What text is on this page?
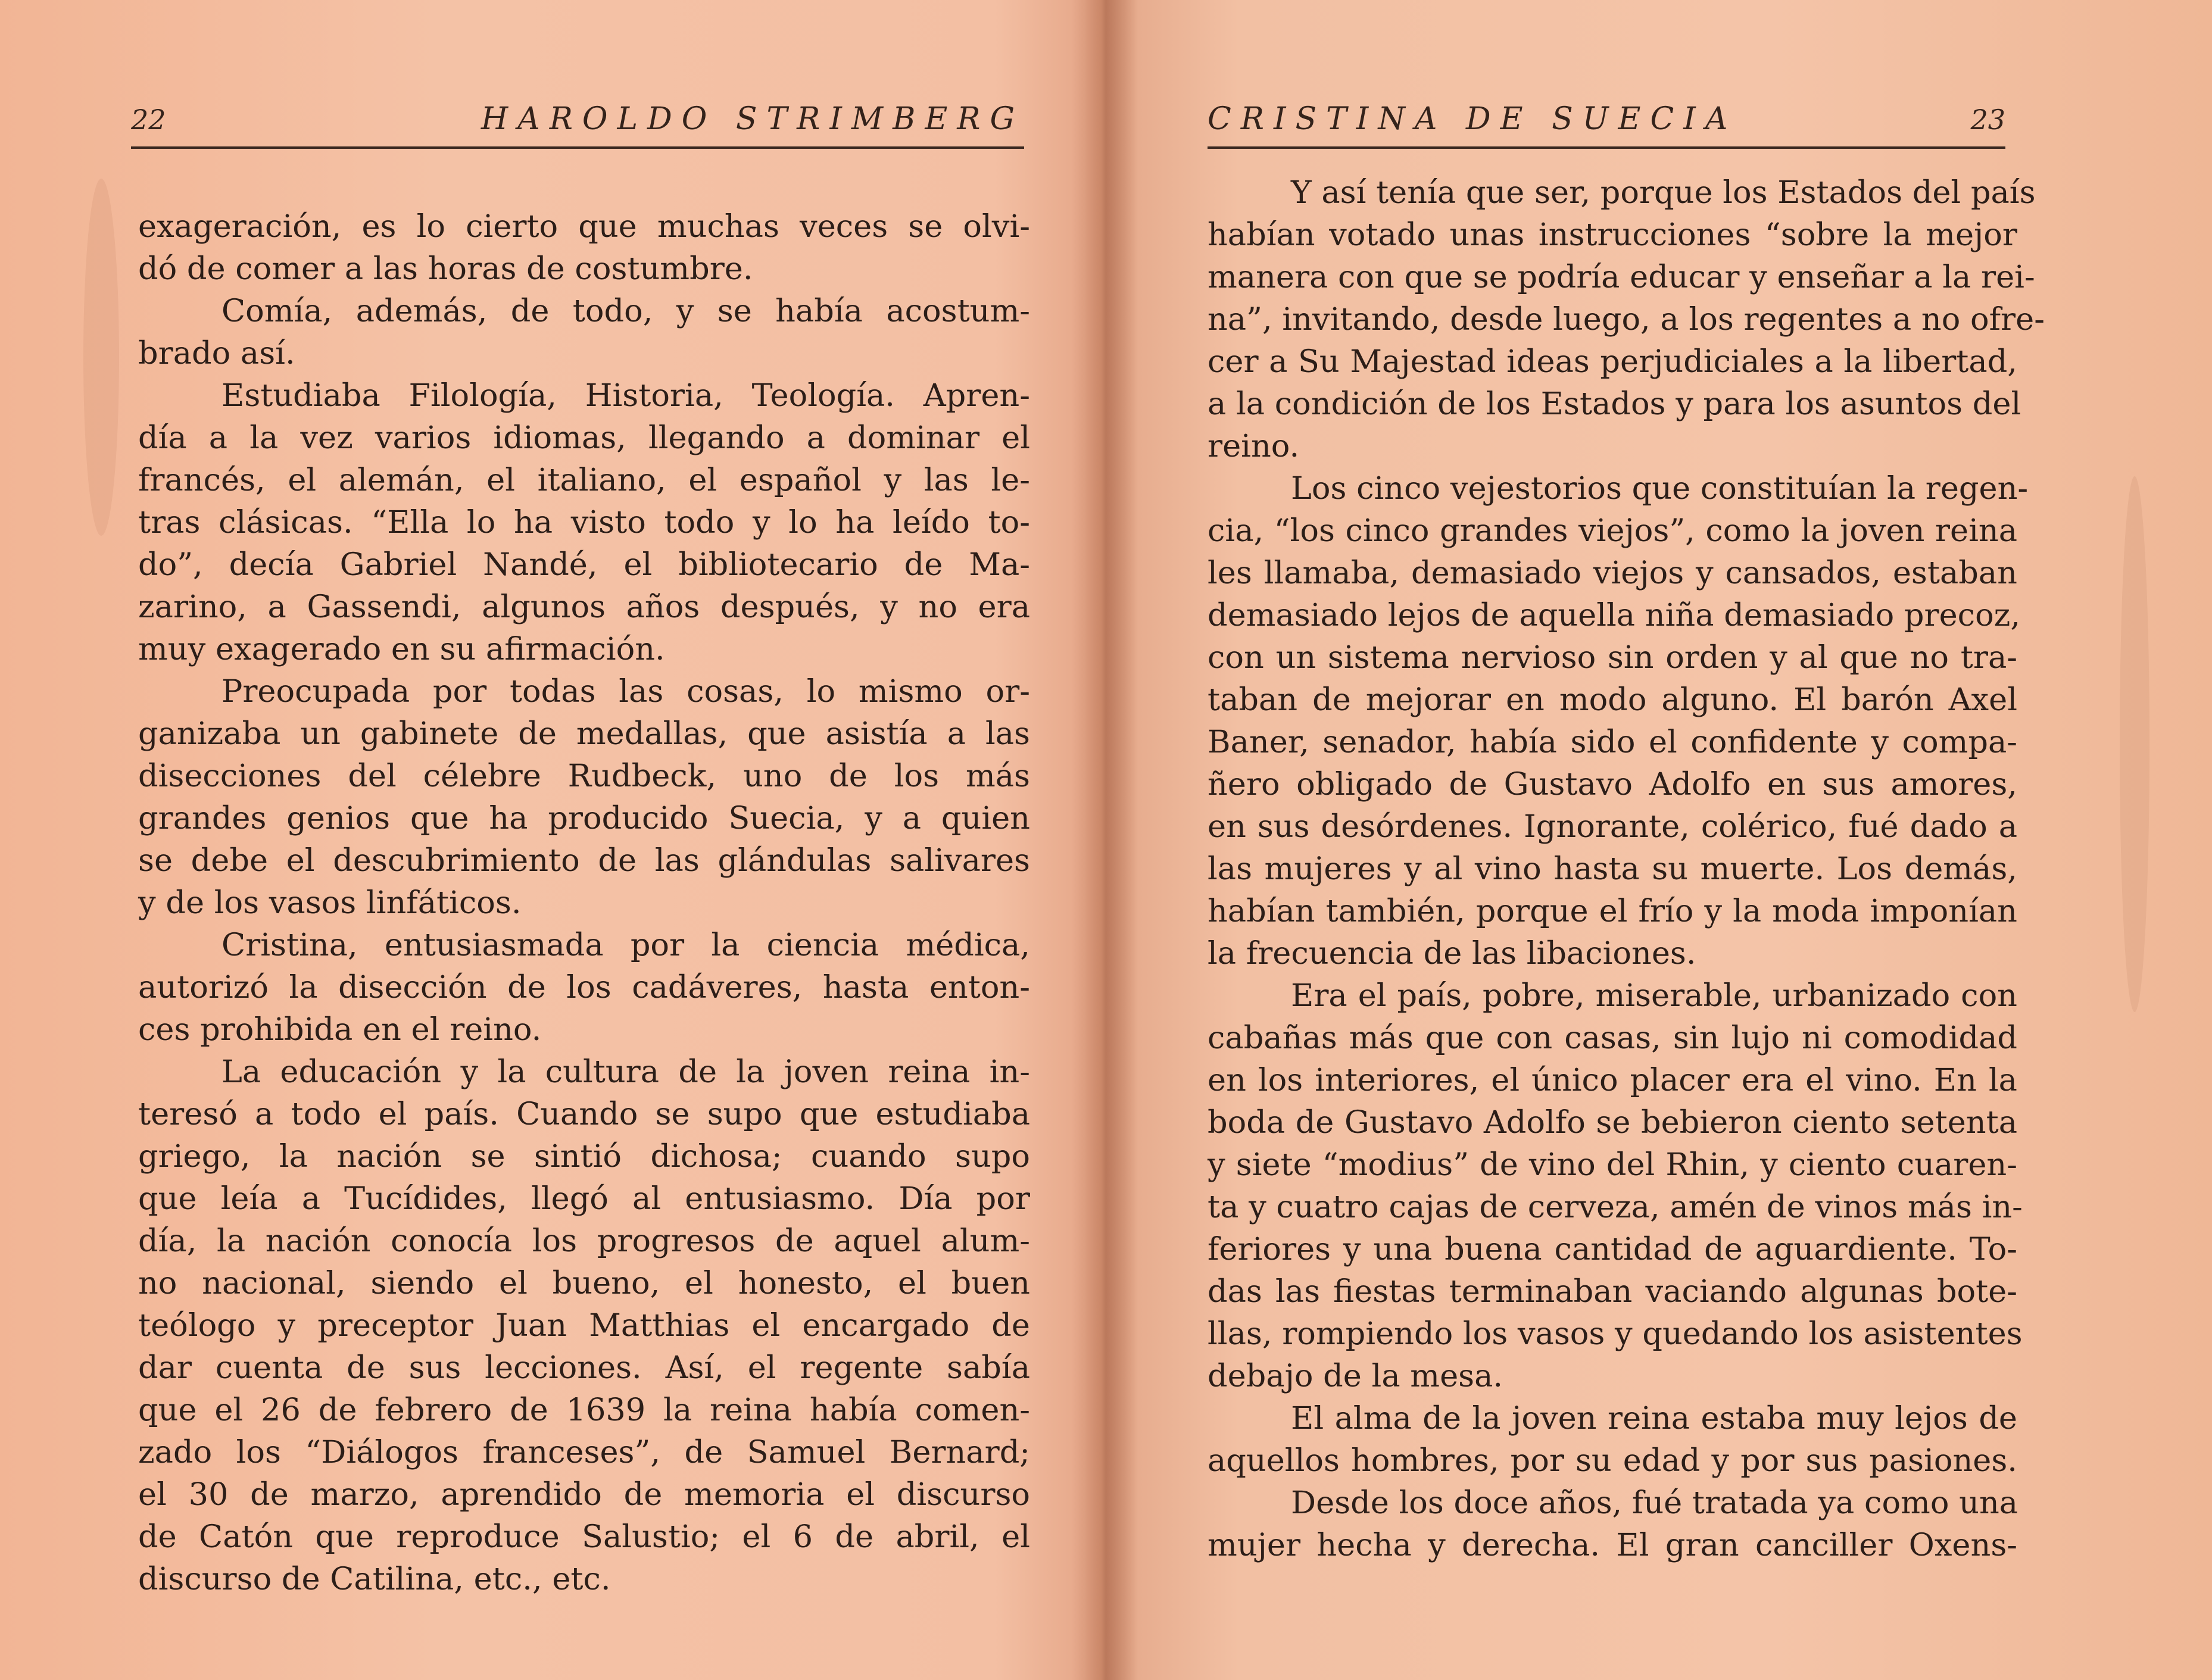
22	HAROLDO STRIMBERG
exageración, es lo cierto que muchas veces se olvi-
dó de comer a las horas de costumbre.
Comía, además, de todo, y se había acostum-
brado así.
Estudiaba Filología, Historia, Teología. Apren-
día a la vez varios idiomas, llegando a dominar el
francés, el alemán, el italiano, el español y las le-
tras clásicas. “Ella lo ha visto todo y lo ha leído to-
do”, decía Gabriel Nandé, el bibliotecario de Ma-
zarino, a Gassendi, algunos años después, y no era
muy exagerado en su afirmación.
Preocupada por todas las cosas, lo mismo or-
ganizaba un gabinete de medallas, que asistía a las
disecciones del célebre Rudbeck, uno de los más
grandes genios que ha producido Suecia, y a quien
se debe el descubrimiento de las glándulas salivares
y de los vasos linfáticos.
Cristina, entusiasmada por la ciencia médica,
autorizó la disección de los cadáveres, hasta enton-
ces prohibida en el reino.
La educación y la cultura de la joven reina in-
teresó a todo el país. Cuando se supo que estudiaba
griego, la nación se sintió dichosa; cuando supo
que leía a Tucídides, llegó al entusiasmo. Día por
día, la nación conocía los progresos de aquel alum-
no nacional, siendo el bueno, el honesto, el buen
teólogo y preceptor Juan Matthias el encargado de
dar cuenta de sus lecciones. Así, el regente sabía
que el 26 de febrero de 1639 la reina había comen-
zado los “Diálogos franceses”, de Samuel Bernard;
el 30 de marzo, aprendido de memoria el discurso
de Catón que reproduce Salustio; el 6 de abril, el
discurso de Catilina, etc., etc.
CRISTINA DE SUECIA	23
Y así tenía que ser, porque los Estados del país
habían votado unas instrucciones “sobre la mejor
manera con que se podría educar y enseñar a la rei-
na”, invitando, desde luego, a los regentes a no ofre-
cer a Su Majestad ideas perjudiciales a la libertad,
a la condición de los Estados y para los asuntos del
reino.
Los cinco vejestorios que constituían la regen-
cia, “los cinco grandes viejos”, como la joven reina
les llamaba, demasiado viejos y cansados, estaban
demasiado lejos de aquella niña demasiado precoz,
con un sistema nervioso sin orden y al que no tra-
taban de mejorar en modo alguno. El barón Axel
Baner, senador, había sido el confidente y compa-
ñero obligado de Gustavo Adolfo en sus amores,
en sus desórdenes. Ignorante, colérico, fué dado a
las mujeres y al vino hasta su muerte. Los demás,
habían también, porque el frío y la moda imponían
la frecuencia de las libaciones.
Era el país, pobre, miserable, urbanizado con
cabañas más que con casas, sin lujo ni comodidad
en los interiores, el único placer era el vino. En la
boda de Gustavo Adolfo se bebieron ciento setenta
y siete “modius” de vino del Rhin, y ciento cuaren-
ta y cuatro cajas de cerveza, amén de vinos más in-
feriores y una buena cantidad de aguardiente. To-
das las fiestas terminaban vaciando algunas bote-
llas, rompiendo los vasos y quedando los asistentes
debajo de la mesa.
El alma de la joven reina estaba muy lejos de
aquellos hombres, por su edad y por sus pasiones.
Desde los doce años, fué tratada ya como una
mujer hecha y derecha. El gran canciller Oxens-
